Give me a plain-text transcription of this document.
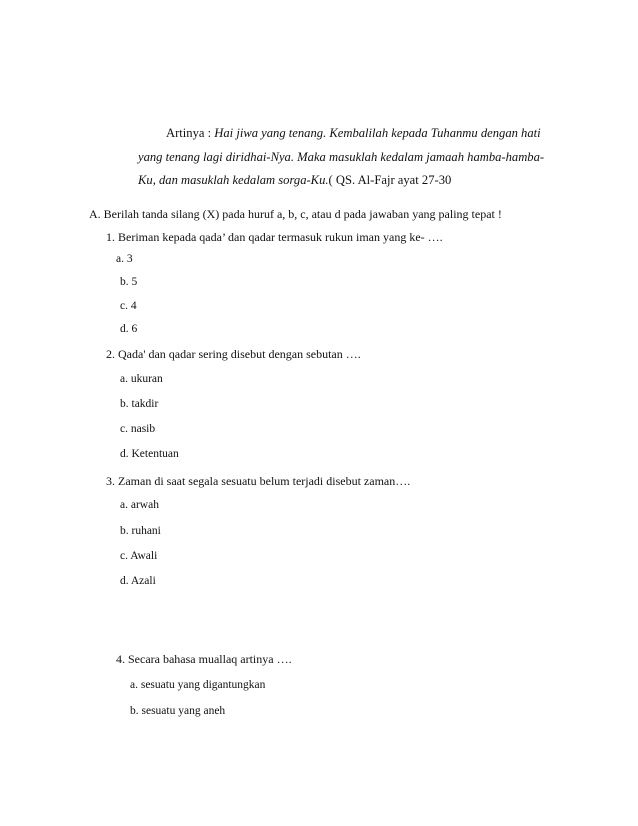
Artinya : Hai jiwa yang tenang. Kembalilah kepada Tuhanmu dengan hati
yang tenang lagi diridhai-Nya. Maka masuklah kedalam jamaah hamba-hamba-
Ku, dan masuklah kedalam sorga-Ku.( QS. Al-Fajr ayat 27-30
A. Berilah tanda silang (X) pada huruf a, b, c, atau d pada jawaban yang paling tepat !
1. Beriman kepada qada’ dan qadar termasuk rukun iman yang ke- ….
a. 3
b. 5
c. 4
d. 6
2. Qada' dan qadar sering disebut dengan sebutan ….
a. ukuran
b. takdir
c. nasib
d. Ketentuan
3. Zaman di saat segala sesuatu belum terjadi disebut zaman….
a. arwah
b. ruhani
c. Awali
d. Azali
4. Secara bahasa muallaq artinya ….
a. sesuatu yang digantungkan
b. sesuatu yang aneh
